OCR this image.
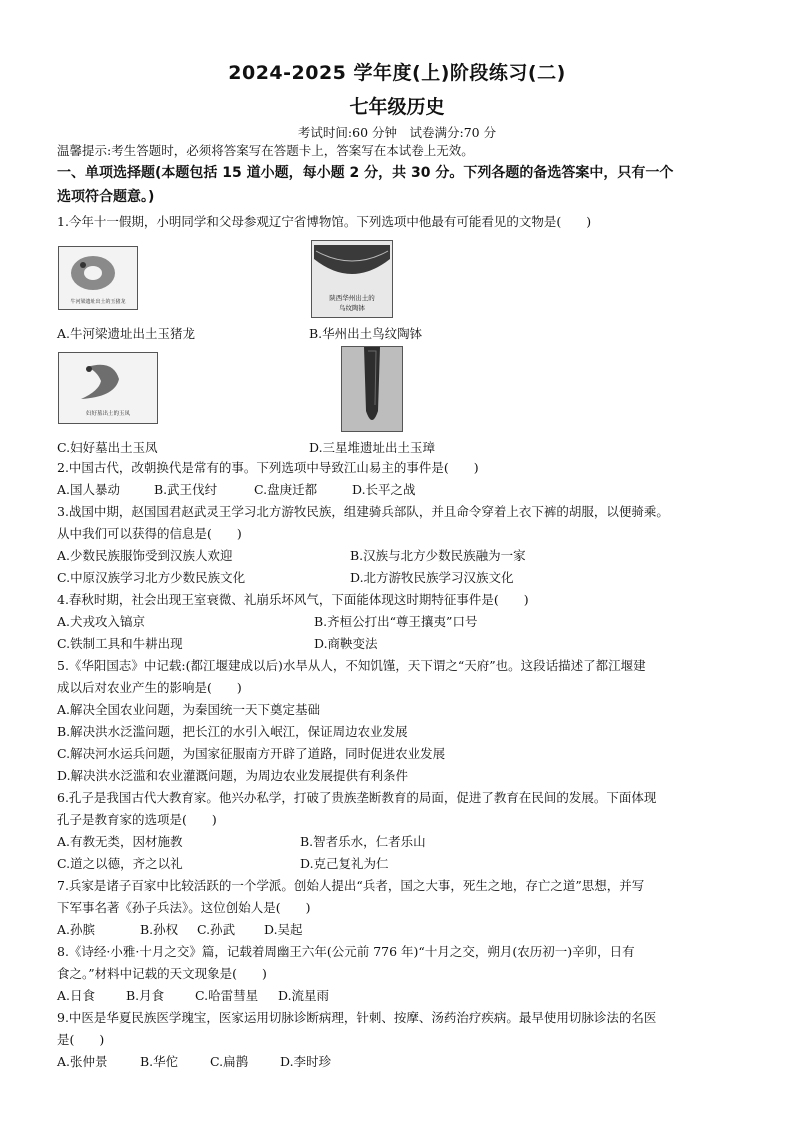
2024-2025 学年度(上)阶段练习(二)
七年级历史
考试时间:60 分钟　试卷满分:70 分
温馨提示:考生答题时，必须将答案写在答题卡上，答案写在本试卷上无效。
一、单项选择题(本题包括 15 道小题，每小题 2 分，共 30 分。下列各题的备选答案中，只有一个
选项符合题意。)
1.今年十一假期，小明同学和父母参观辽宁省博物馆。下列选项中他最有可能看见的文物是(　　)
牛河梁遗址出土的玉猪龙	陕西华州出土的
鸟纹陶钵
A.牛河梁遗址出土玉猪龙	B.华州出土鸟纹陶钵
妇好墓出土的玉凤
C.妇好墓出土玉凤	D.三星堆遗址出土玉璋
2.中国古代，改朝换代是常有的事。下列选项中导致江山易主的事件是(　　)
A.国人暴动	B.武王伐纣	C.盘庚迁都	D.长平之战
3.战国中期，赵国国君赵武灵王学习北方游牧民族，组建骑兵部队，并且命令穿着上衣下裤的胡服，以便骑乘。
从中我们可以获得的信息是(　　)
A.少数民族服饰受到汉族人欢迎	B.汉族与北方少数民族融为一家
C.中原汉族学习北方少数民族文化	D.北方游牧民族学习汉族文化
4.春秋时期，社会出现王室衰微、礼崩乐坏风气，下面能体现这时期特征事件是(　　)
A.犬戎攻入镐京	B.齐桓公打出“尊王攘夷”口号
C.铁制工具和牛耕出现	D.商鞅变法
5.《华阳国志》中记载:(都江堰建成以后)水旱从人，不知饥馑，天下谓之“天府”也。这段话描述了都江堰建
成以后对农业产生的影响是(　　)
A.解决全国农业问题，为秦国统一天下奠定基础
B.解决洪水泛滥问题，把长江的水引入岷江，保证周边农业发展
C.解决河水运兵问题，为国家征服南方开辟了道路，同时促进农业发展
D.解决洪水泛滥和农业灌溉问题，为周边农业发展提供有利条件
6.孔子是我国古代大教育家。他兴办私学，打破了贵族垄断教育的局面，促进了教育在民间的发展。下面体现
孔子是教育家的选项是(　　)
A.有教无类，因材施教	B.智者乐水，仁者乐山
C.道之以德，齐之以礼	D.克己复礼为仁
7.兵家是诸子百家中比较活跃的一个学派。创始人提出“兵者，国之大事，死生之地，存亡之道”思想，并写
下军事名著《孙子兵法》。这位创始人是(　　)
A.孙膑	B.孙权 C.孙武 D.吴起
8.《诗经·小雅·十月之交》篇，记载着周幽王六年(公元前 776 年)“十月之交，朔月(农历初一)辛卯，日有
食之。”材料中记载的天文现象是(　　)
A.日食 B.月食 C.哈雷彗星 D.流星雨
9.中医是华夏民族医学瑰宝，医家运用切脉诊断病理，针刺、按摩、汤药治疗疾病。最早使用切脉诊法的名医
是(　　)
A.张仲景	B.华佗	C.扁鹊	D.李时珍
